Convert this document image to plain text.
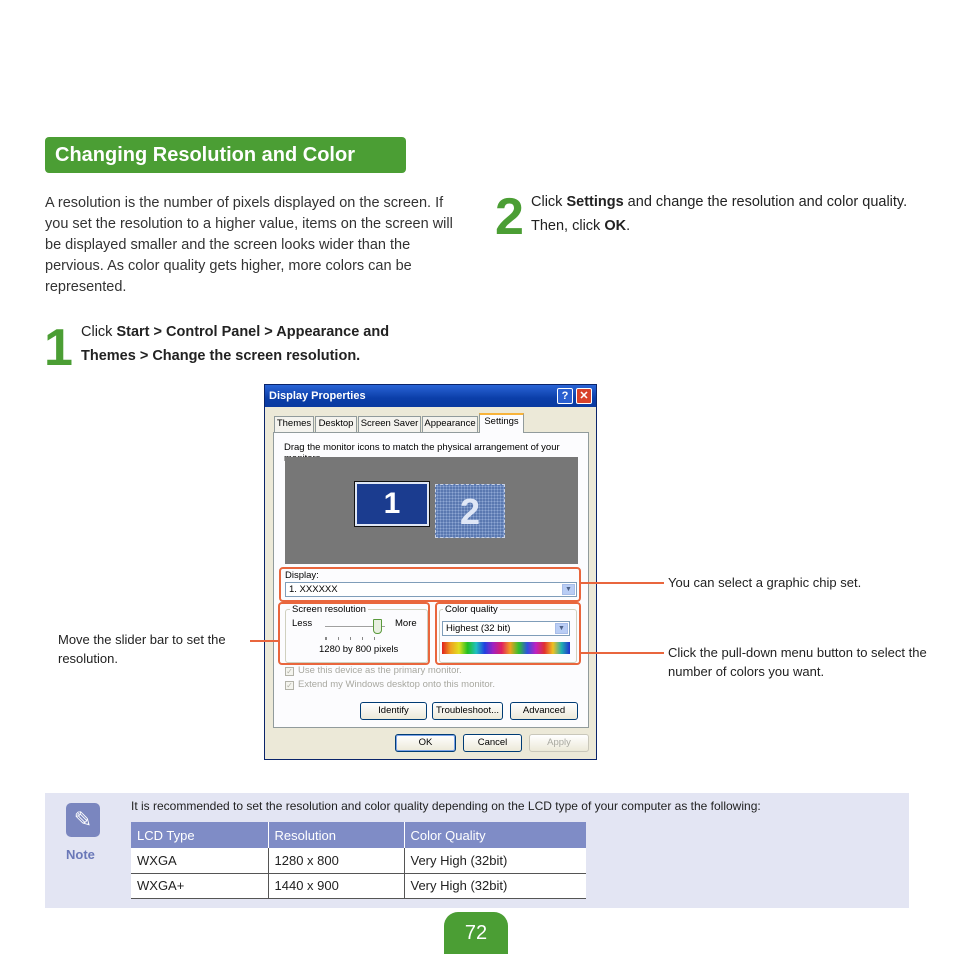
Changing Resolution and Color
A resolution is the number of pixels displayed on the screen. If you set the resolution to a higher value, items on the screen will be displayed smaller and the screen looks wider than the pervious. As color quality gets higher, more colors can be represented.
1 Click Start > Control Panel > Appearance and Themes > Change the screen resolution.
2 Click Settings and change the resolution and color quality. Then, click OK.
Display Properties	?	✕
Themes Desktop Screen Saver Appearance Settings
Drag the monitor icons to match the physical arrangement of your
1	2
Display:
1. XXXXXX	▼
Screen resolution
Less	More
1280 by 800 pixels
Color quality
Highest (32 bit)	▼
✓ Use this device as the primary monitor.
✓ Extend my Windows desktop onto this monitor.
Identify	Troubleshoot...	Advanced
OK	Cancel	Apply
You can select a graphic chip set.
Move the slider bar to set the resolution.	Click the pull-down menu button to select the number of colors you want.
✎
Note
It is recommended to set the resolution and color quality depending on the LCD type of your computer as the following:
LCD Type	Resolution	Color Quality
WXGA	1280 x 800	Very High (32bit)
WXGA+	1440 x 900	Very High (32bit)
72
